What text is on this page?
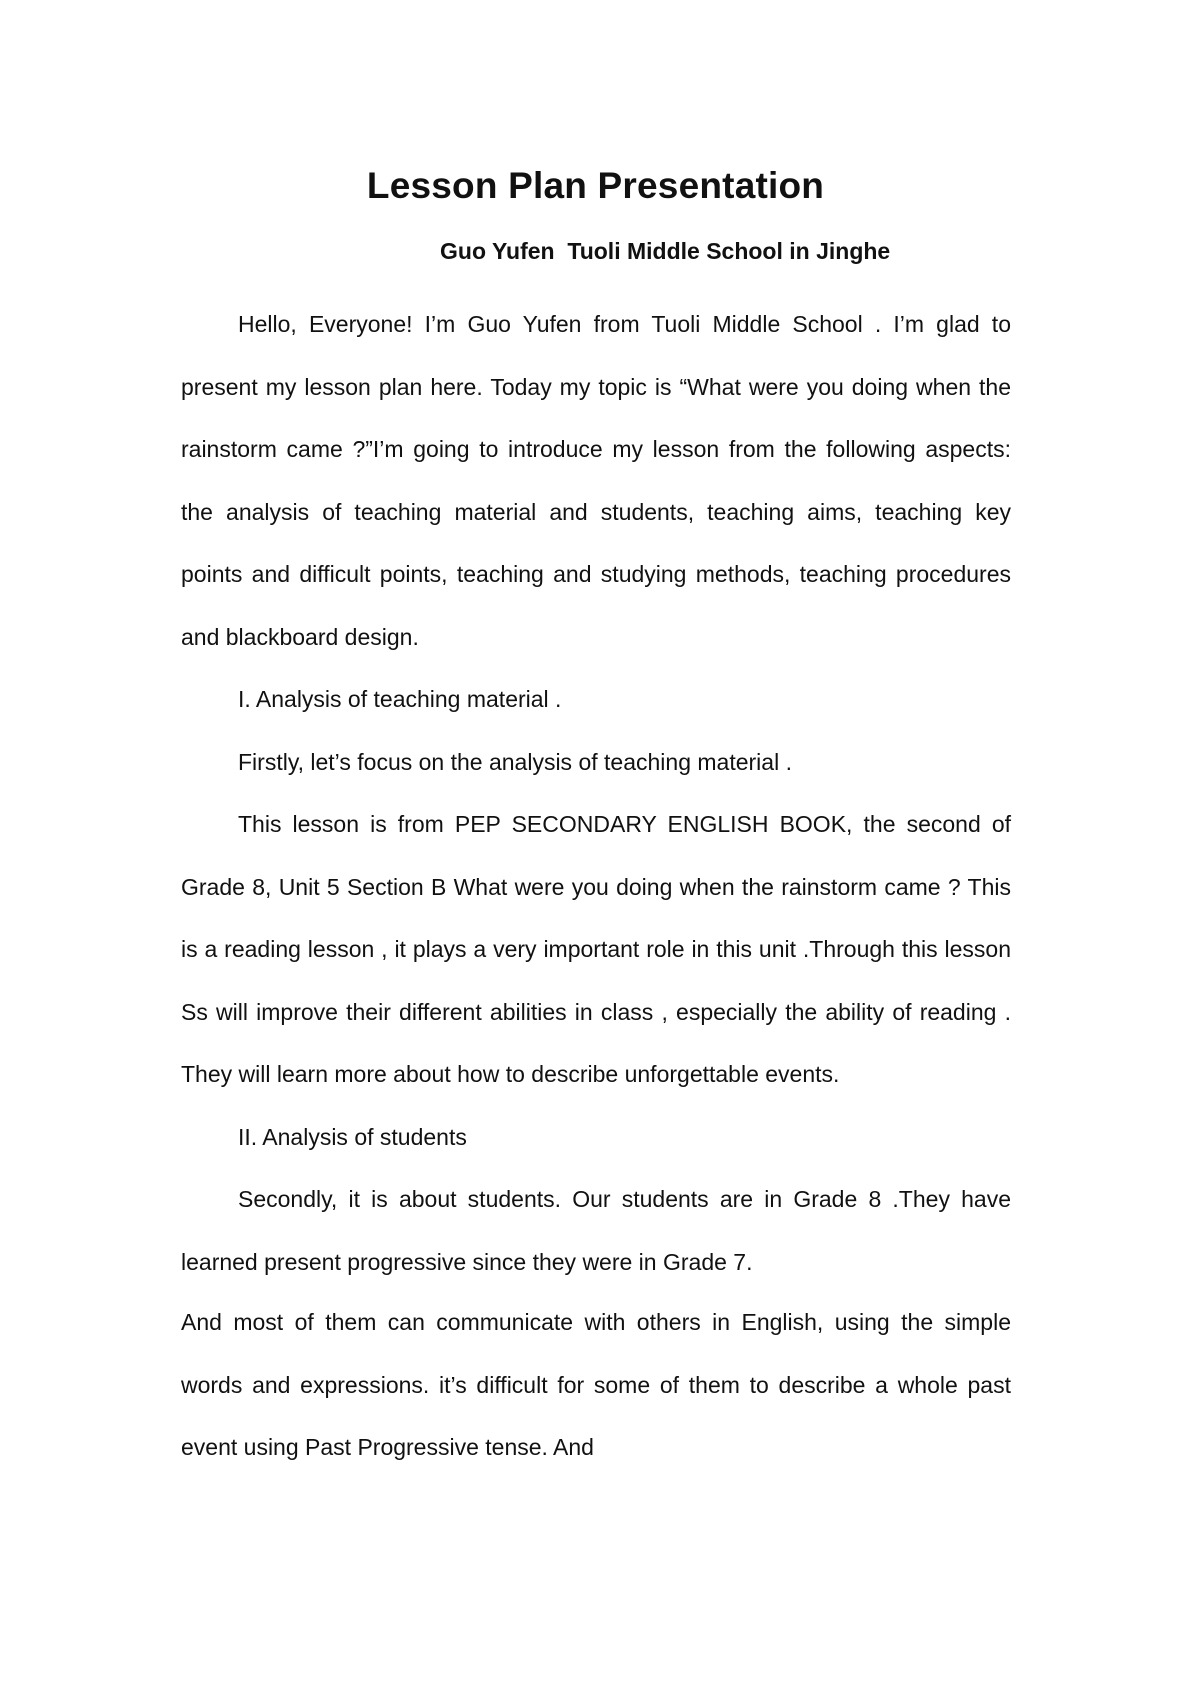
Lesson Plan Presentation
Guo Yufen  Tuoli Middle School in Jinghe

Hello, Everyone! I’m Guo Yufen from Tuoli Middle School . I’m glad to present my lesson plan here. Today my topic is “What were you doing when the rainstorm came ?”I’m going to introduce my lesson from the following aspects: the analysis of teaching material and students, teaching aims, teaching key points and difficult points, teaching and studying methods, teaching procedures and blackboard design.

I. Analysis of teaching material .

Firstly, let’s focus on the analysis of teaching material .

This lesson is from PEP SECONDARY ENGLISH BOOK, the second of Grade 8, Unit 5 Section B What were you doing when the rainstorm came ? This is a reading lesson , it plays a very important role in this unit .Through this lesson Ss will improve their different abilities in class , especially the ability of reading . They will learn more about how to describe unforgettable events.

II. Analysis of students

Secondly, it is about students. Our students are in Grade 8 .They have learned present progressive since they were in Grade 7.

And most of them can communicate with others in English, using the simple words and expressions. it’s difficult for some of them to describe a whole past event using Past Progressive tense. And
